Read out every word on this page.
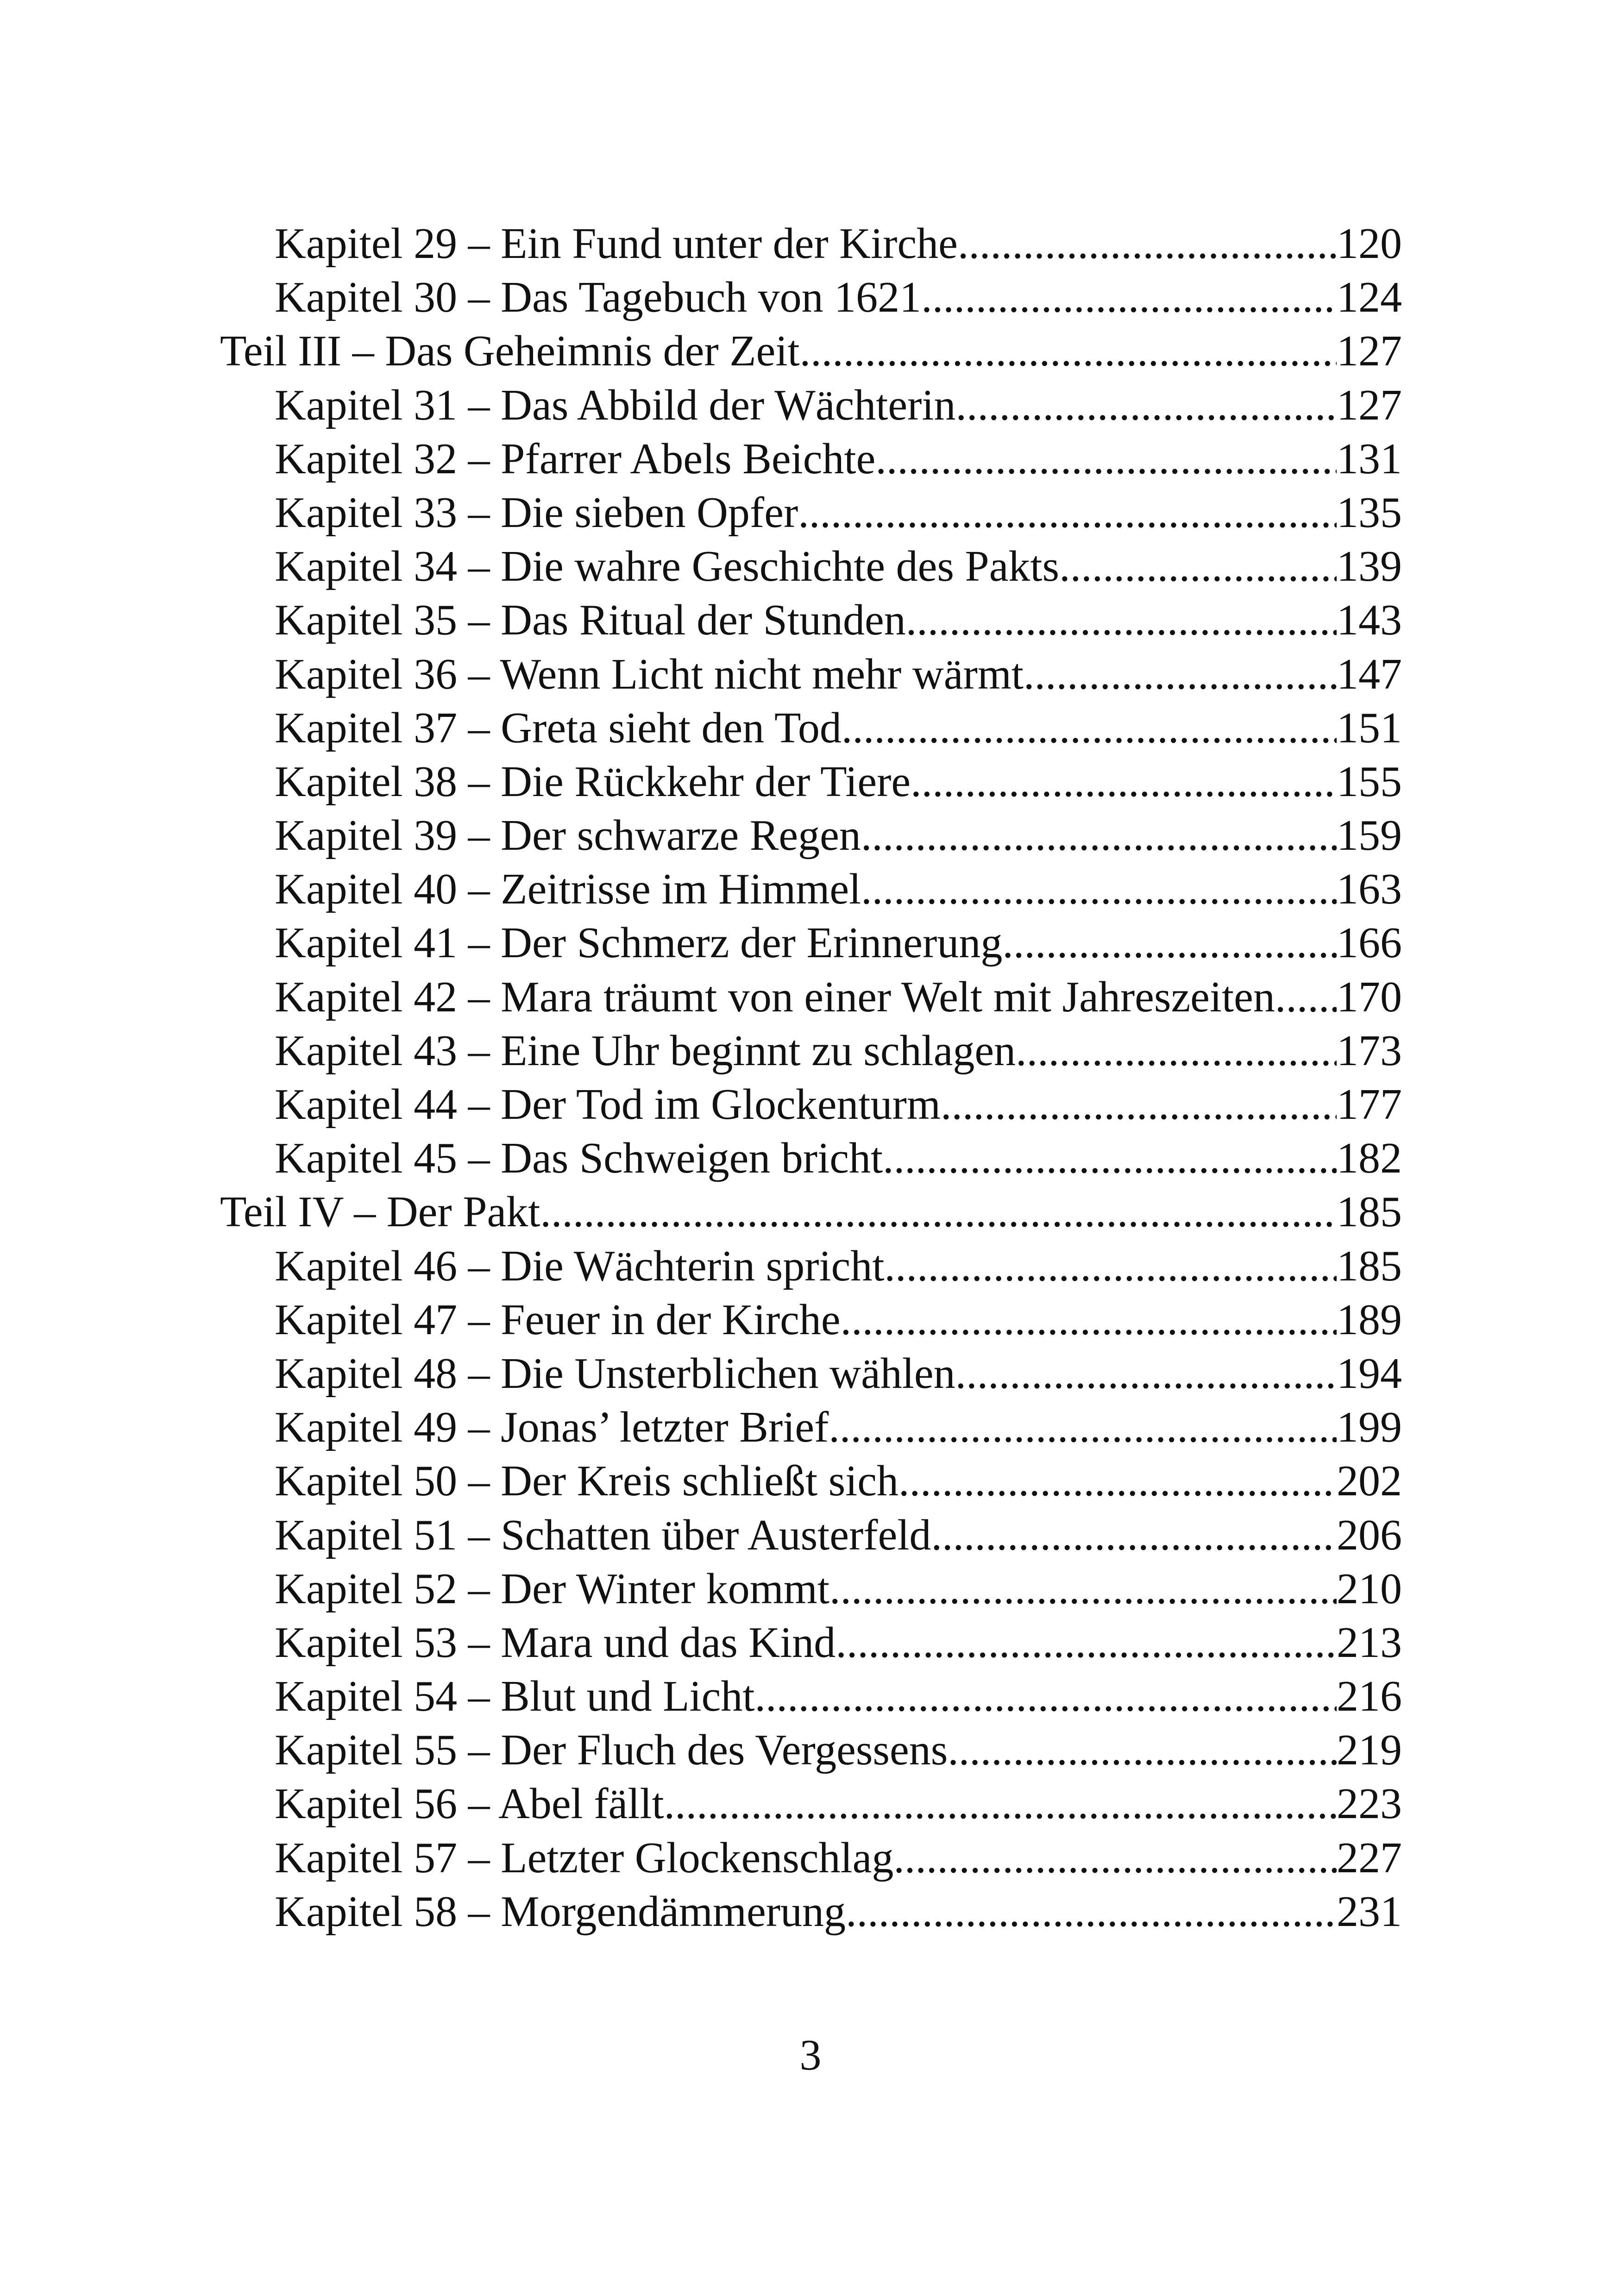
Kapitel 29 – Ein Fund unter der Kirche .....	120
Kapitel 30 – Das Tagebuch von 1621 .....	124
Teil III – Das Geheimnis der Zeit .....	127
Kapitel 31 – Das Abbild der Wächterin .....	127
Kapitel 32 – Pfarrer Abels Beichte .....	131
Kapitel 33 – Die sieben Opfer .....	135
Kapitel 34 – Die wahre Geschichte des Pakts .....	139
Kapitel 35 – Das Ritual der Stunden .....	143
Kapitel 36 – Wenn Licht nicht mehr wärmt .....	147
Kapitel 37 – Greta sieht den Tod .....	151
Kapitel 38 – Die Rückkehr der Tiere .....	155
Kapitel 39 – Der schwarze Regen .....	159
Kapitel 40 – Zeitrisse im Himmel .....	163
Kapitel 41 – Der Schmerz der Erinnerung .....	166
Kapitel 42 – Mara träumt von einer Welt mit Jahreszeiten ..... 170
Kapitel 43 – Eine Uhr beginnt zu schlagen .....	173
Kapitel 44 – Der Tod im Glockenturm .....	177
Kapitel 45 – Das Schweigen bricht .....	182
Teil IV – Der Pakt .....	185
Kapitel 46 – Die Wächterin spricht .....	185
Kapitel 47 – Feuer in der Kirche .....	189
Kapitel 48 – Die Unsterblichen wählen .....	194
Kapitel 49 – Jonas’ letzter Brief .....	199
Kapitel 50 – Der Kreis schließt sich .....	202
Kapitel 51 – Schatten über Austerfeld .....	206
Kapitel 52 – Der Winter kommt .....	210
Kapitel 53 – Mara und das Kind .....	213
Kapitel 54 – Blut und Licht .....	216
Kapitel 55 – Der Fluch des Vergessens .....	219
Kapitel 56 – Abel fällt .....	223
Kapitel 57 – Letzter Glockenschlag .....	227
Kapitel 58 – Morgendämmerung .....	231
3
